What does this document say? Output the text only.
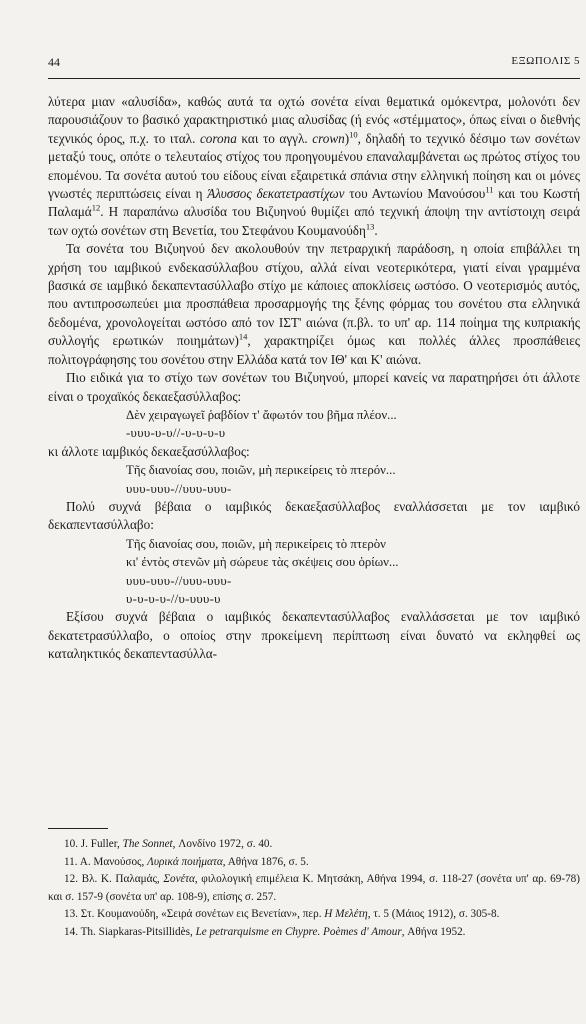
44	ΕΞΩΠΟΛΙΣ 5

λύτερα μιαν «αλυσίδα», καθώς αυτά τα οχτώ σονέτα είναι θεματικά ομόκεντρα, μολονότι δεν παρουσιάζουν το βασικό χαρακτηριστικό μιας αλυσίδας (ή ενός «στέμματος», όπως είναι ο διεθνής τεχνικός όρος, π.χ. το ιταλ. corona και το αγγλ. crown)$^{10}$, δηλαδή το τεχνικό δέσιμο των σονέτων μεταξύ τους, οπότε ο τελευταίος στίχος του προηγουμένου επαναλαμβάνεται ως πρώτος στίχος του επομένου. Τα σονέτα αυτού του είδους είναι εξαιρετικά σπάνια στην ελληνική ποίηση και οι μόνες γνωστές περιπτώσεις είναι η Άλυσσος δεκατετραστίχων του Αντωνίου Μανούσου$^{11}$ και του Κωστή Παλαμά$^{12}$. Η παραπάνω αλυσίδα του Βιζυηνού θυμίζει από τεχνική άποψη την αντίστοιχη σειρά των οχτώ σονέτων στη Βενετία, του Στεφάνου Κουμανούδη$^{13}$.

Τα σονέτα του Βιζυηνού δεν ακολουθούν την πετραρχική παράδοση, η οποία επιβάλλει τη χρήση του ιαμβικού ενδεκασύλλαβου στίχου, αλλά είναι νεοτερικότερα, γιατί είναι γραμμένα βασικά σε ιαμβικό δεκαπεντασύλλαβο στίχο με κάποιες αποκλίσεις ωστόσο. Ο νεοτερισμός αυτός, που αντιπροσωπεύει μια προσπάθεια προσαρμογής της ξένης φόρμας του σονέτου στα ελληνικά δεδομένα, χρονολογείται ωστόσο από τον ΙΣΤ' αιώνα (π.βλ. το υπ' αρ. 114 ποίημα της κυπριακής συλλογής ερωτικών ποιημάτων)$^{14}$, χαρακτηρίζει όμως και πολλές άλλες προσπάθειες πολιτογράφησης του σονέτου στην Ελλάδα κατά τον ΙΘ' και Κ' αιώνα.

Πιο ειδικά για το στίχο των σονέτων του Βιζυηνού, μπορεί κανείς να παρατηρήσει ότι άλλοτε είναι ο τροχαϊκός δεκαεξασύλλαβος:

Δὲν χειραγωγεῖ ῥαβδίον τ' ἄφωτόν του βῆμα πλέον...

-υυυ-υ-υ//-υ-υ-υ-υ

κι άλλοτε ιαμβικός δεκαεξασύλλαβος:

Τῆς διανοίας σου, ποιῶν, μὴ περικείρεις τὸ πτερόν...

υυυ-υυυ-//υυυ-υυυ-

Πολύ συχνά βέβαια ο ιαμβικός δεκαεξασύλλαβος εναλλάσσεται με τον ιαμβικό δεκαπεντασύλλαβο:

Τῆς διανοίας σου, ποιῶν, μὴ περικείρεις τὸ πτερὸν

κι' ἐντὸς στενῶν μὴ σώρευε τὰς σκέψεις σου ὁρίων...

υυυ-υυυ-//υυυ-υυυ-

υ-υ-υ-υ-//υ-υυυ-υ

Εξίσου συχνά βέβαια ο ιαμβικός δεκαπεντασύλλαβος εναλλάσσεται με τον ιαμβικό δεκατετρασύλλαβο, ο οποίος στην προκείμενη περίπτωση είναι δυνατό να εκληφθεί ως καταληκτικός δεκαπεντασύλλα-

10. J. Fuller, The Sonnet, Λονδίνο 1972, σ. 40.

11. Α. Μανούσος, Λυρικά ποιήματα, Αθήνα 1876, σ. 5.

12. Βλ. Κ. Παλαμάς, Σονέτα, φιλολογική επιμέλεια Κ. Μητσάκη, Αθήνα 1994, σ. 118-27 (σονέτα υπ' αρ. 69-78) και σ. 157-9 (σονέτα υπ' αρ. 108-9), επίσης σ. 257.

13. Στ. Κουμανούδη, «Σειρά σονέτων εις Βενετίαν», περ. Η Μελέτη, τ. 5 (Μάιος 1912), σ. 305-8.

14. Th. Siapkaras-Pitsillidès, Le petrarquisme en Chypre. Poèmes d' Amour, Αθήνα 1952.
